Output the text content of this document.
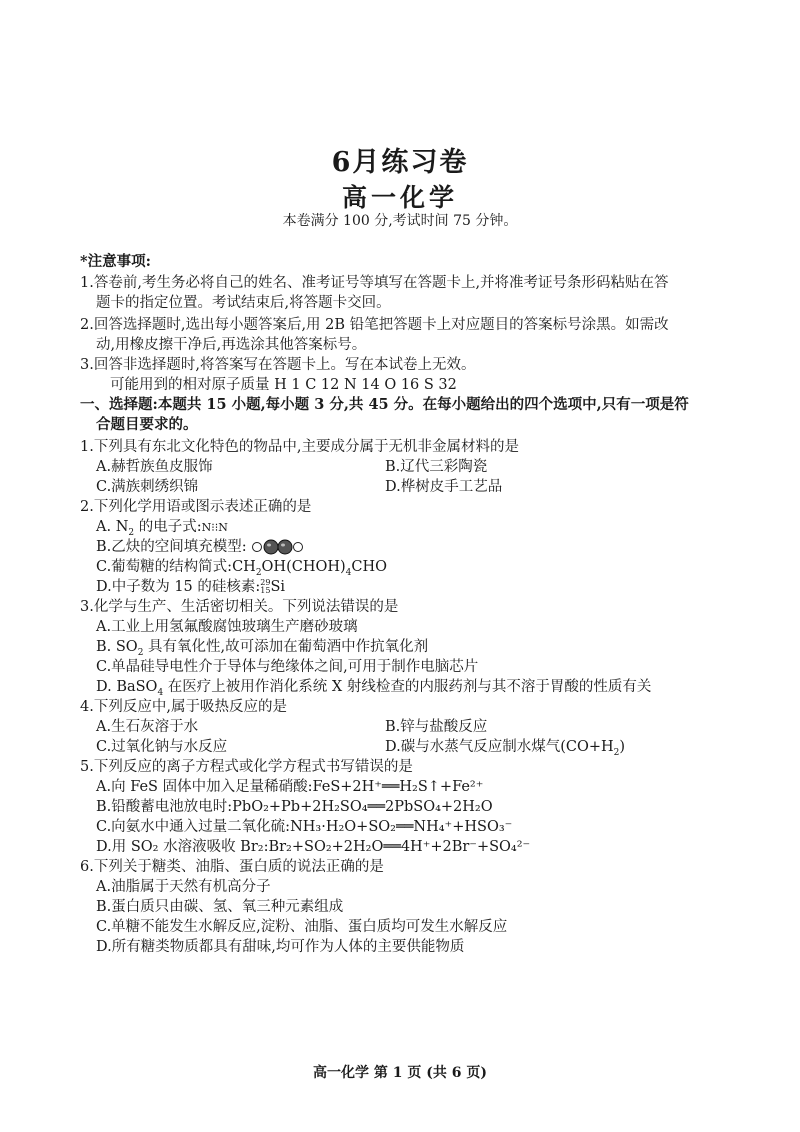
6月练习卷
高一化学
本卷满分 100 分,考试时间 75 分钟。
*注意事项:
1.答卷前,考生务必将自己的姓名、准考证号等填写在答题卡上,并将准考证号条形码粘贴在答
题卡的指定位置。考试结束后,将答题卡交回。
2.回答选择题时,选出每小题答案后,用 2B 铅笔把答题卡上对应题目的答案标号涂黑。如需改
动,用橡皮擦干净后,再选涂其他答案标号。
3.回答非选择题时,将答案写在答题卡上。写在本试卷上无效。
可能用到的相对原子质量 H 1 C 12 N 14 O 16 S 32
一、选择题:本题共 15 小题,每小题 3 分,共 45 分。在每小题给出的四个选项中,只有一项是符
合题目要求的。
1.下列具有东北文化特色的物品中,主要成分属于无机非金属材料的是
A.赫哲族鱼皮服饰	B.辽代三彩陶瓷
C.满族刺绣织锦	D.桦树皮手工艺品
2.下列化学用语或图示表述正确的是
A. $N_2$ 的电子式:N⁝⁝N
B.乙炔的空间填充模型:
C.葡萄糖的结构简式$:CH_2OH(CHOH)_4CHO$
D.中子数为 15 的硅核素: 29
15 Si
3.化学与生产、生活密切相关。下列说法错误的是
A.工业上用氢氟酸腐蚀玻璃生产磨砂玻璃
B. $SO_2$ 具有氧化性,故可添加在葡萄酒中作抗氧化剂
C.单晶硅导电性介于导体与绝缘体之间,可用于制作电脑芯片
D. BaSO$_4$ 在医疗上被用作消化系统 X 射线检查的内服药剂与其不溶于胃酸的性质有关
4.下列反应中,属于吸热反应的是
A.生石灰溶于水	B.锌与盐酸反应
C.过氧化钠与水反应	D.碳与水蒸气反应制水煤气$(CO+H_2)$
5.下列反应的离子方程式或化学方程式书写错误的是
A.向 FeS 固体中加入足量稀硝酸:FeS+2H⁺══H₂S↑+Fe²⁺
B.铅酸蓄电池放电时:PbO₂+Pb+2H₂SO₄══2PbSO₄+2H₂O
C.向氨水中通入过量二氧化硫:NH₃·H₂O+SO₂══NH₄⁺+HSO₃⁻
D.用 SO₂ 水溶液吸收 Br₂:Br₂+SO₂+2H₂O══4H⁺+2Br⁻+SO₄²⁻
6.下列关于糖类、油脂、蛋白质的说法正确的是
A.油脂属于天然有机高分子
B.蛋白质只由碳、氢、氧三种元素组成
C.单糖不能发生水解反应,淀粉、油脂、蛋白质均可发生水解反应
D.所有糖类物质都具有甜味,均可作为人体的主要供能物质
高一化学 第 1 页 (共 6 页)
